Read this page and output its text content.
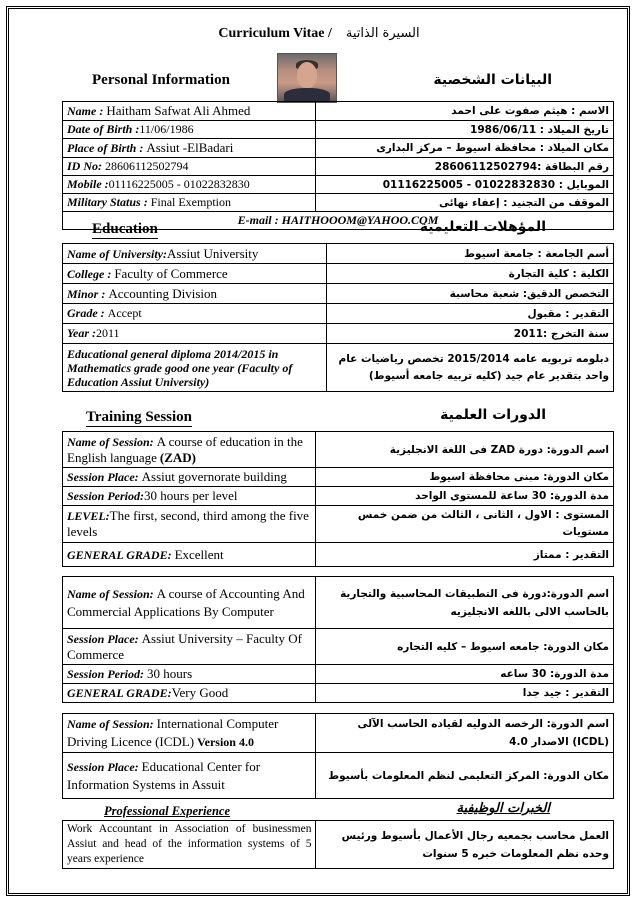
Curriculum Vitae / السيرة الذاتية
Personal Information	البيانات الشخصية
Name : Haitham Safwat Ali Ahmed	الاسم : هيثم صفوت على احمد
Date of Birth :11/06/1986	تاريخ الميلاد : 1986/06/11
Place of Birth : Assiut -ElBadari	مكان الميلاد : محافظة اسيوط – مركز البدارى
ID No: 28606112502794	رقم البطاقة :28606112502794
Mobile :01116225005 - 01022832830	الموبايل : 01022832830 - 01116225005
Military Status : Final Exemption	الموقف من التجنيد : إعفاء نهائى
E-mail : HAITHOOOM@YAHOO.COM	
Education	المؤهلات التعليمية
Name of University:Assiut University	أسم الجامعة : جامعة اسيوط
College : Faculty of Commerce	الكلية : كلية التجارة
Minor : Accounting Division	التخصص الدقيق: شعبة محاسبة
Grade : Accept	التقدير : مقبول
Year :2011	سنة التخرج :2011
Educational general diploma 2014/2015 in Mathematics grade good one year (Faculty of Education Assiut University)	دبلومه تربويه عامه 2015/2014 تخصص رياضيات عام واحد بتقدير عام جيد (كليه تربيه جامعه أسيوط)
Training Session	الدورات العلمية
Name of Session: A course of education in the English language (ZAD)	اسم الدورة: دورة ZAD فى اللغة الانجليزية
Session Place: Assiut governorate building	مكان الدورة: مبنى محافظة اسيوط
Session Period:30 hours per level	مدة الدورة: 30 ساعة للمستوى الواحد
LEVEL:The first, second, third among the five levels	المستوى : الاول ، الثانى ، الثالث من ضمن خمس مستويات
GENERAL GRADE: Excellent	التقدير : ممتاز
Name of Session: A course of Accounting And Commercial Applications By Computer	اسم الدورة:دورة فى التطبيقات المحاسبية والتجارية بالحاسب الالى باللغه الانجليزيه
Session Place: Assiut University – Faculty Of Commerce	مكان الدورة: جامعه اسيوط – كليه التجاره
Session Period: 30 hours	مدة الدورة: 30 ساعه
GENERAL GRADE:Very Good	التقدير : جيد جدا
Name of Session: International Computer Driving Licence (ICDL) Version 4.0	اسم الدورة: الرخصه الدوليه لقياده الحاسب الآلى (ICDL) الاصدار 4.0
Session Place: Educational Center for Information Systems in Assuit	مكان الدورة: المركز التعليمى لنظم المعلومات بأسيوط
Professional Experience	الخبرات الوظيفية
Work Accountant in Association of businessmen Assiut and head of the information systems of 5 years experience	العمل محاسب بجمعيه رجال الأعمال بأسيوط ورئيس وحده نظم المعلومات خبره 5 سنوات
